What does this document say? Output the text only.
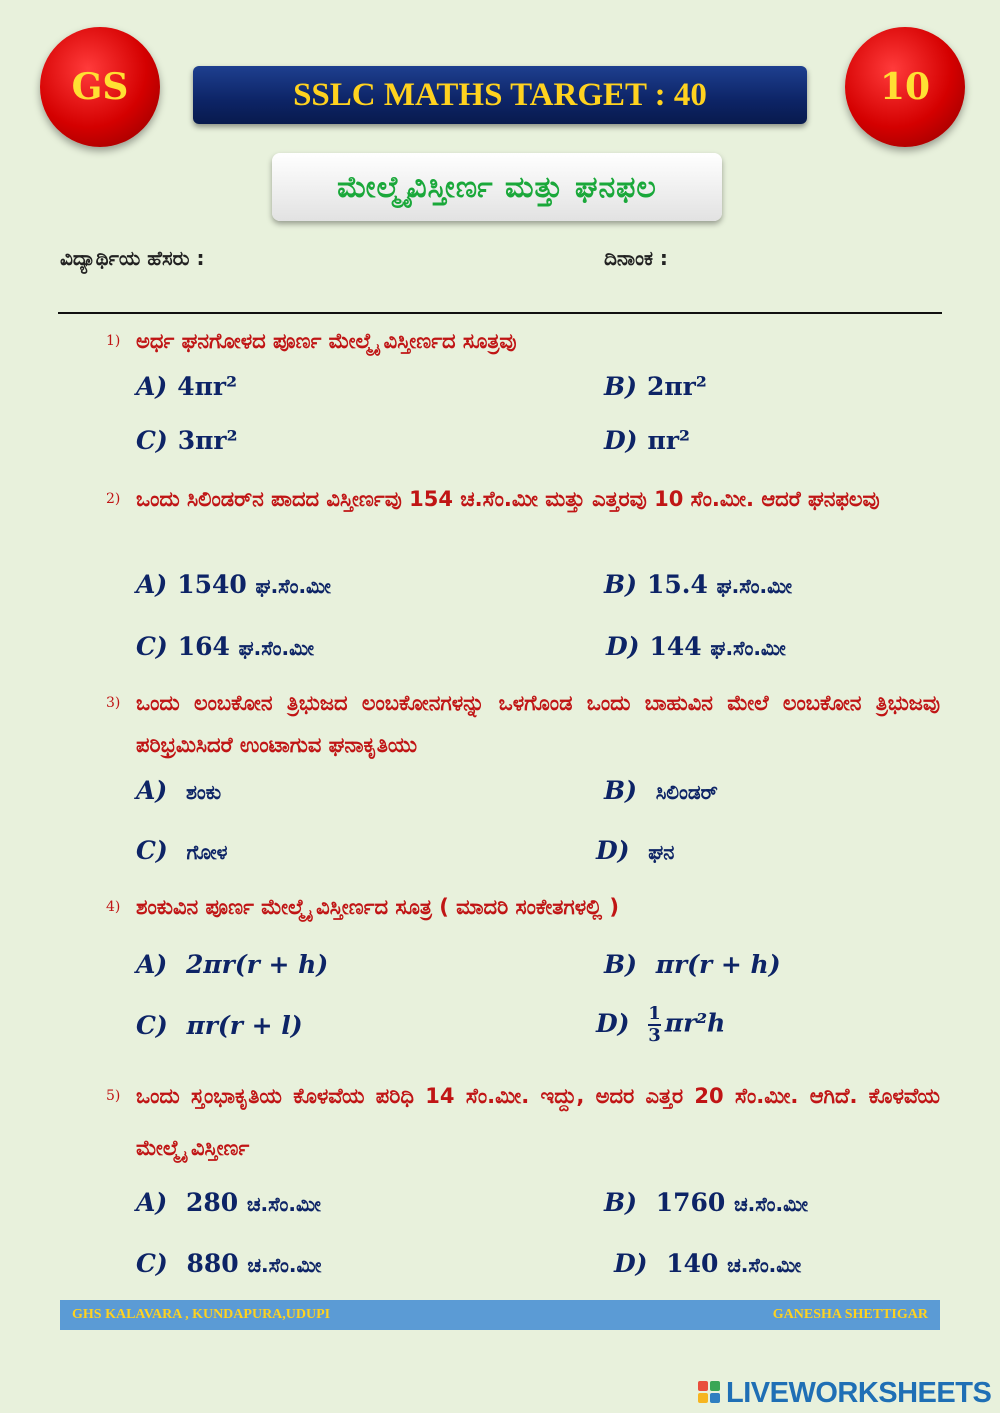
GS	SSLC MATHS TARGET : 40	10
ಮೇಲ್ಮೈವಿಸ್ತೀರ್ಣ ಮತ್ತು ಘನಫಲ
ವಿದ್ಯಾರ್ಥಿಯ ಹೆಸರು :	ದಿನಾಂಕ :
1) ಅರ್ಧ ಘನಗೋಳದ ಪೂರ್ಣ ಮೇಲ್ಮೈ ವಿಸ್ತೀರ್ಣದ ಸೂತ್ರವು
A) 4πr²	B) 2πr²
C) 3πr²	D) πr²
2) ಒಂದು ಸಿಲಿಂಡರ್‌ನ ಪಾದದ ವಿಸ್ತೀರ್ಣವು 154 ಚ.ಸೆಂ.ಮೀ ಮತ್ತು ಎತ್ತರವು 10 ಸೆಂ.ಮೀ. ಆದರೆ ಘನಫಲವು
A) 1540 ಘ.ಸೆಂ.ಮೀ	B) 15.4 ಘ.ಸೆಂ.ಮೀ
C) 164 ಘ.ಸೆಂ.ಮೀ	D) 144 ಘ.ಸೆಂ.ಮೀ
3) ಒಂದು ಲಂಬಕೋನ ತ್ರಿಭುಜದ ಲಂಬಕೋನಗಳನ್ನು ಒಳಗೊಂಡ ಒಂದು ಬಾಹುವಿನ ಮೇಲೆ ಲಂಬಕೋನ ತ್ರಿಭುಜವು ಪರಿಭ್ರಮಿಸಿದರೆ ಉಂಟಾಗುವ ಘನಾಕೃತಿಯು
A) ಶಂಕು	B) ಸಿಲಿಂಡರ್
C) ಗೋಳ	D) ಘನ
4) ಶಂಕುವಿನ ಪೂರ್ಣ ಮೇಲ್ಮೈ ವಿಸ್ತೀರ್ಣದ ಸೂತ್ರ ( ಮಾದರಿ ಸಂಕೇತಗಳಲ್ಲಿ )
A) 2πr(r + h)	B) πr(r + h)
C) πr(r + l)	$D) \frac{1}{3} \pi r^2h$
5) ಒಂದು ಸ್ತಂಭಾಕೃತಿಯ ಕೊಳವೆಯ ಪರಿಧಿ 14 ಸೆಂ.ಮೀ. ಇದ್ದು, ಅದರ ಎತ್ತರ 20 ಸೆಂ.ಮೀ. ಆಗಿದೆ. ಕೊಳವೆಯ ಮೇಲ್ಮೈ ವಿಸ್ತೀರ್ಣ
A) 280 ಚ.ಸೆಂ.ಮೀ	B) 1760 ಚ.ಸೆಂ.ಮೀ
C) 880 ಚ.ಸೆಂ.ಮೀ	D) 140 ಚ.ಸೆಂ.ಮೀ
GHS KALAVARA , KUNDAPURA,UDUPI	GANESHA SHETTIGAR
LIVEWORKSHEETS
